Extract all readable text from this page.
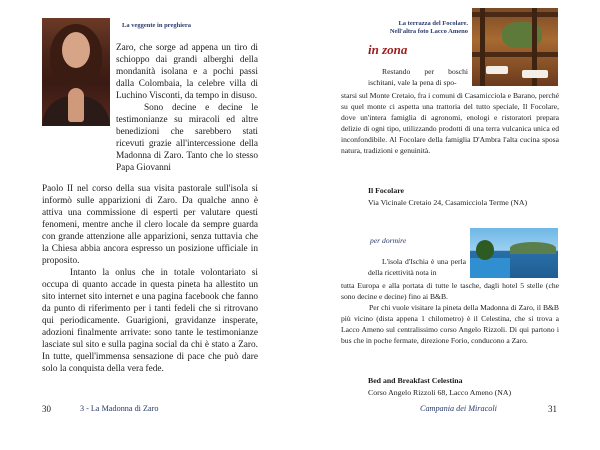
La veggente in preghiera

Zaro, che sorge ad appena un tiro di schioppo dai grandi alberghi della mondanità isolana e a pochi passi dalla Colombaia, la celebre villa di Luchino Visconti, da tempo in disuso.

Sono decine e decine le testimonianze su miracoli ed altre benedizioni che sarebbero stati ricevuti grazie all'intercessione della Madonna di Zaro. Tanto che lo stesso Papa Giovanni

Paolo II nel corso della sua visita pastorale sull'isola si informò sulle apparizioni di Zaro. Da qualche anno è attiva una commissione di esperti per valutare questi fenomeni, mentre anche il clero locale da sempre guarda con grande attenzione alle apparizioni, senza tuttavia che la Chiesa abbia ancora espresso un posizione ufficiale in proposito.

Intanto la onlus che in totale volontariato si occupa di quanto accade in questa pineta ha allestito un sito internet sito internet e una pagina facebook che fanno da punto di riferimento per i tanti fedeli che si ritrovano qui periodicamente. Guarigioni, gravidanze insperate, adozioni finalmente arrivate: sono tante le testimonianze lasciate sul sito e sulla pagina social da chi è stato a Zaro. In tutte, quell'immensa sensazione di pace che può dare solo la conquista della vera fede.

30	3 - La Madonna di Zaro
La terrazza del Focolare.
Nell'altra foto Lacco Ameno
in zona

Restando per boschi ischitani, vale la pena di spo-

starsi sul Monte Cretaio, fra i comuni di Casamicciola e Barano, perché su quel monte ci aspetta una trattoria del tutto speciale, Il Focolare, dove un'intera famiglia di agronomi, enologi e ristoratori prepara delizie di ogni tipo, utilizzando prodotti di una terra vulcanica unica ed inconfondibile. Al Focolare della famiglia D'Ambra l'alta cucina sposa natura, tradizioni e genuinità.

Il Focolare
Via Vicinale Cretaio 24, Casamicciola Terme (NA)
per dormire

L'isola d'Ischia è una perla della ricettività nota in

tutta Europa e alla portata di tutte le tasche, dagli hotel 5 stelle (che sono decine e decine) fino ai B&B.

Per chi vuole visitare la pineta della Madonna di Zaro, il B&B più vicino (dista appena 1 chilometro) è il Celestina, che si trova a Lacco Ameno sul centralissimo corso Angelo Rizzoli. Di qui partono i bus che in poche fermate, direzione Forio, conducono a Zaro.

Bed and Breakfast Celestina
Corso Angelo Rizzoli 68, Lacco Ameno (NA)
Campania dei Miracoli	31
